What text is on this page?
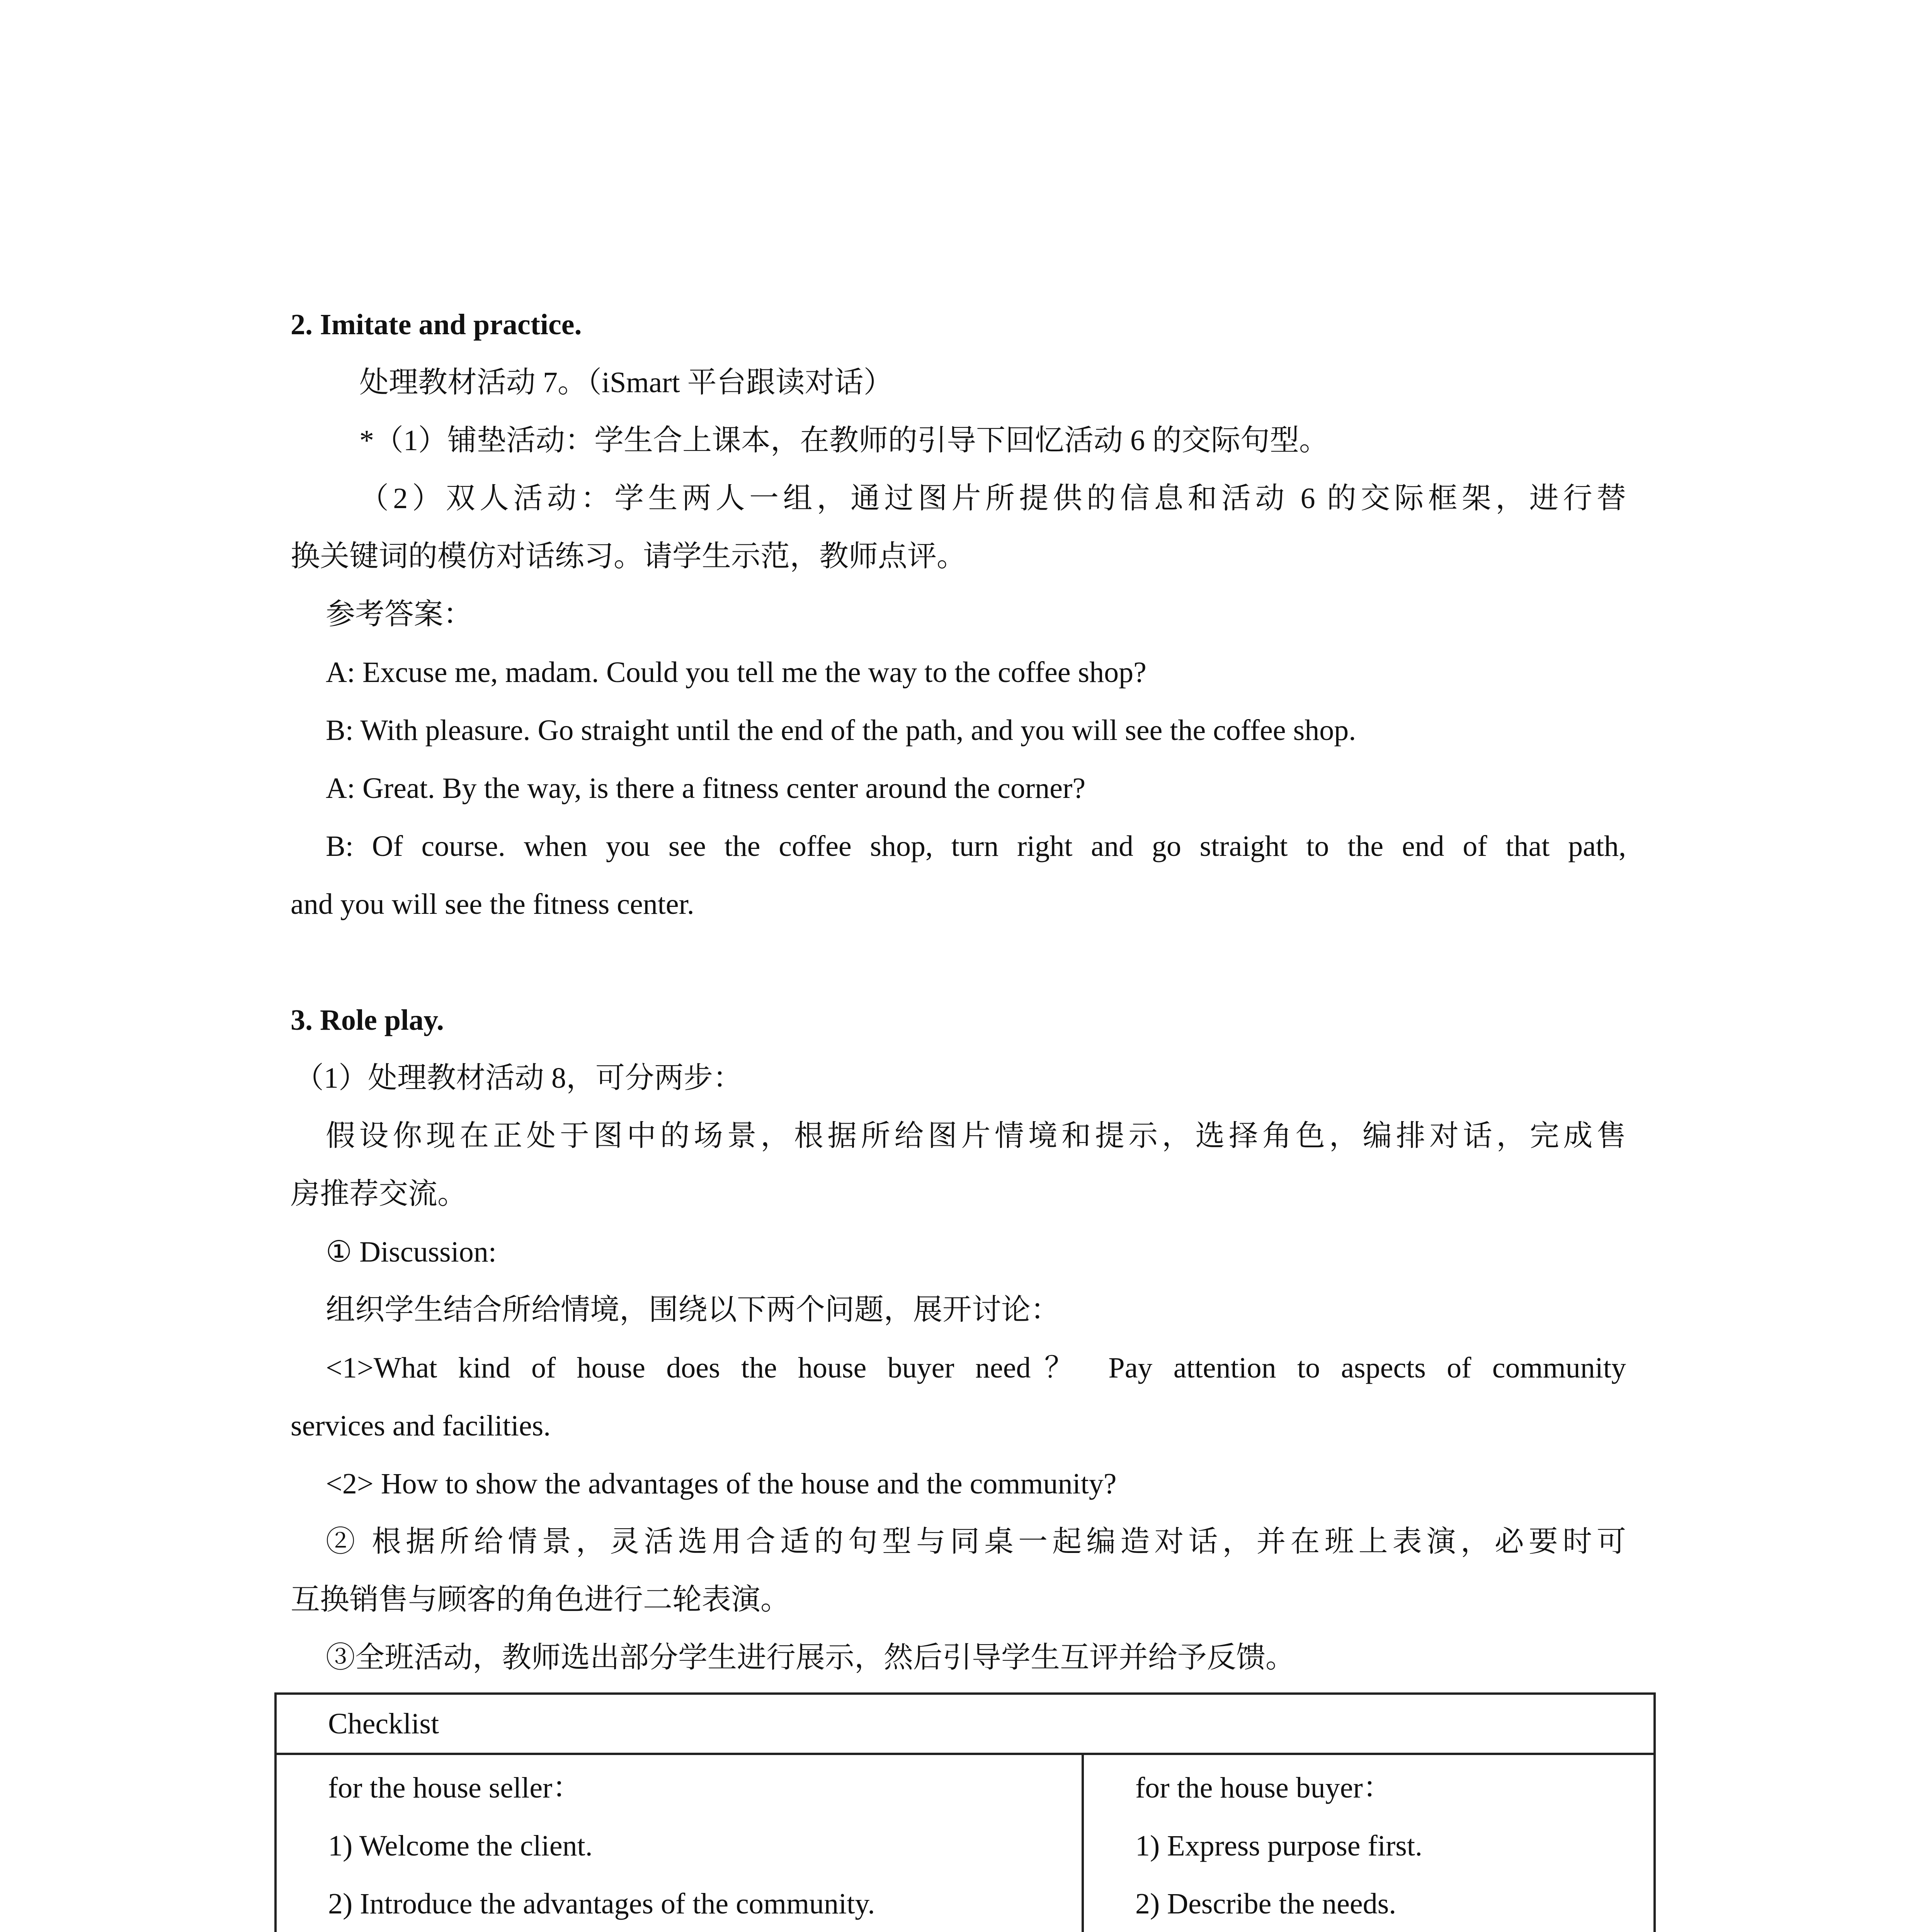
2. Imitate and practice.

处理教材活动 7。（iSmart 平台跟读对话）

*（1）铺垫活动：学生合上课本，在教师的引导下回忆活动 6 的交际句型。

（2）双人活动：学生两人一组，通过图片所提供的信息和活动 6 的交际框架，进行替

换关键词的模仿对话练习。请学生示范，教师点评。

参考答案：

A: Excuse me, madam. Could you tell me the way to the coffee shop?

B: With pleasure. Go straight until the end of the path, and you will see the coffee shop.

A: Great. By the way, is there a fitness center around the corner?

B: Of course. when you see the coffee shop, turn right and go straight to the end of that path,

and you will see the fitness center.

3. Role play.

（1）处理教材活动 8，可分两步：

假设你现在正处于图中的场景，根据所给图片情境和提示，选择角色，编排对话，完成售

房推荐交流。

① Discussion:

组织学生结合所给情境，围绕以下两个问题，展开讨论：

<1>What kind of house does the house buyer need？ Pay attention to aspects of community

services and facilities.

<2> How to show the advantages of the house and the community?

② 根据所给情景，灵活选用合适的句型与同桌一起编造对话，并在班上表演，必要时可

互换销售与顾客的角色进行二轮表演。

③全班活动，教师选出部分学生进行展示，然后引导学生互评并给予反馈。

Checklist

for the house seller：
1) Welcome the client.
2) Introduce the advantages of the community.

for the house buyer：
1) Express purpose first.
2) Describe the needs.
